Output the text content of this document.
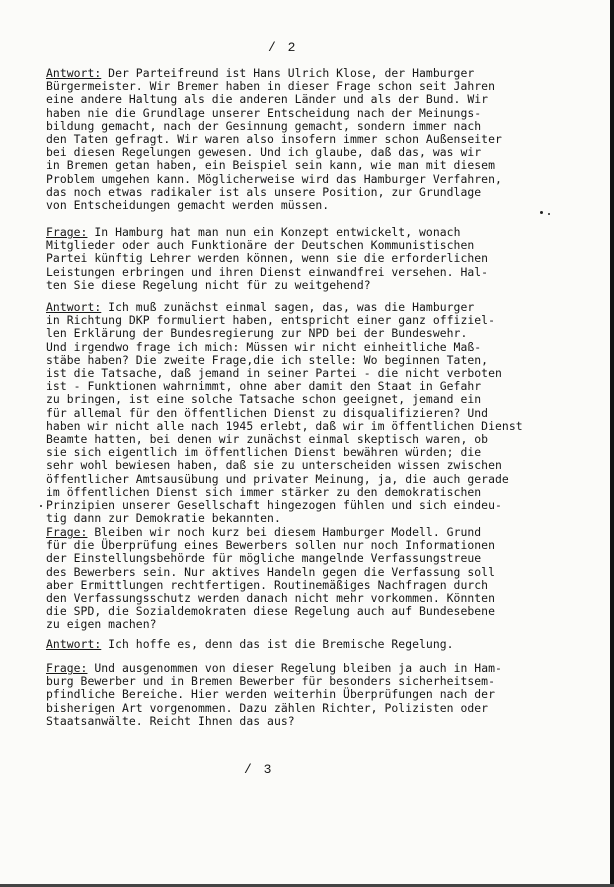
/ 2
Antwort: Der Parteifreund ist Hans Ulrich Klose, der Hamburger
Bürgermeister. Wir Bremer haben in dieser Frage schon seit Jahren
eine andere Haltung als die anderen Länder und als der Bund. Wir
haben nie die Grundlage unserer Entscheidung nach der Meinungs-
bildung gemacht, nach der Gesinnung gemacht, sondern immer nach
den Taten gefragt. Wir waren also insofern immer schon Außenseiter
bei diesen Regelungen gewesen. Und ich glaube, daß das, was wir
in Bremen getan haben, ein Beispiel sein kann, wie man mit diesem
Problem umgehen kann. Möglicherweise wird das Hamburger Verfahren,
das noch etwas radikaler ist als unsere Position, zur Grundlage
von Entscheidungen gemacht werden müssen.
Frage: In Hamburg hat man nun ein Konzept entwickelt, wonach
Mitglieder oder auch Funktionäre der Deutschen Kommunistischen
Partei künftig Lehrer werden können, wenn sie die erforderlichen
Leistungen erbringen und ihren Dienst einwandfrei versehen. Hal-
ten Sie diese Regelung nicht für zu weitgehend?
Antwort: Ich muß zunächst einmal sagen, das, was die Hamburger
in Richtung DKP formuliert haben, entspricht einer ganz offiziel-
len Erklärung der Bundesregierung zur NPD bei der Bundeswehr.
Und irgendwo frage ich mich: Müssen wir nicht einheitliche Maß-
stäbe haben? Die zweite Frage,die ich stelle: Wo beginnen Taten,
ist die Tatsache, daß jemand in seiner Partei - die nicht verboten
ist - Funktionen wahrnimmt, ohne aber damit den Staat in Gefahr
zu bringen, ist eine solche Tatsache schon geeignet, jemand ein
für allemal für den öffentlichen Dienst zu disqualifizieren? Und
haben wir nicht alle nach 1945 erlebt, daß wir im öffentlichen Dienst
Beamte hatten, bei denen wir zunächst einmal skeptisch waren, ob
sie sich eigentlich im öffentlichen Dienst bewähren würden; die
sehr wohl bewiesen haben, daß sie zu unterscheiden wissen zwischen
öffentlicher Amtsausübung und privater Meinung, ja, die auch gerade
im öffentlichen Dienst sich immer stärker zu den demokratischen
Prinzipien unserer Gesellschaft hingezogen fühlen und sich eindeu-
tig dann zur Demokratie bekannten.
Frage: Bleiben wir noch kurz bei diesem Hamburger Modell. Grund
für die Überprüfung eines Bewerbers sollen nur noch Informationen
der Einstellungsbehörde für mögliche mangelnde Verfassungstreue
des Bewerbers sein. Nur aktives Handeln gegen die Verfassung soll
aber Ermittlungen rechtfertigen. Routinemäßiges Nachfragen durch
den Verfassungsschutz werden danach nicht mehr vorkommen. Könnten
die SPD, die Sozialdemokraten diese Regelung auch auf Bundesebene
zu eigen machen?
Antwort: Ich hoffe es, denn das ist die Bremische Regelung.
Frage: Und ausgenommen von dieser Regelung bleiben ja auch in Ham-
burg Bewerber und in Bremen Bewerber für besonders sicherheitsem-
pfindliche Bereiche. Hier werden weiterhin Überprüfungen nach der
bisherigen Art vorgenommen. Dazu zählen Richter, Polizisten oder
Staatsanwälte. Reicht Ihnen das aus?
/ 3
